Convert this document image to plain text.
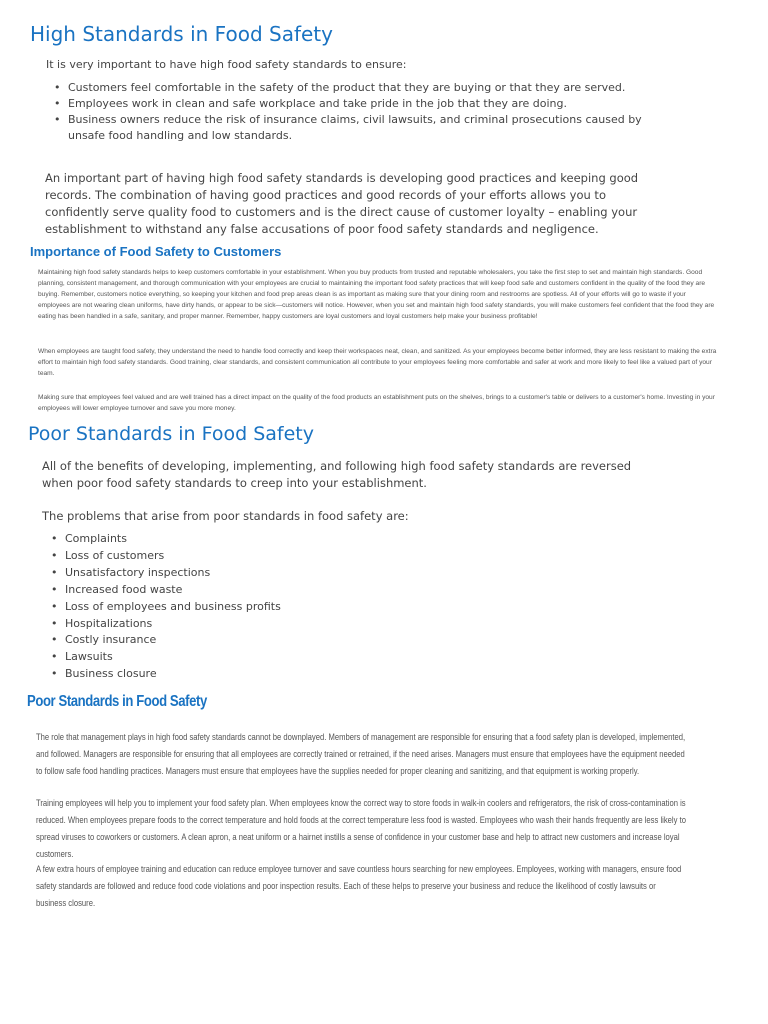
High Standards in Food Safety

It is very important to have high food safety standards to ensure:

• Customers feel comfortable in the safety of the product that they are buying or that they are served.
• Employees work in clean and safe workplace and take pride in the job that they are doing.
• Business owners reduce the risk of insurance claims, civil lawsuits, and criminal prosecutions caused by unsafe food handling and low standards.

An important part of having high food safety standards is developing good practices and keeping good records. The combination of having good practices and good records of your efforts allows you to confidently serve quality food to customers and is the direct cause of customer loyalty – enabling your establishment to withstand any false accusations of poor food safety standards and negligence.

Importance of Food Safety to Customers

Maintaining high food safety standards helps to keep customers comfortable in your establishment. When you buy products from trusted and reputable wholesalers, you take the first step to set and maintain high standards. Good planning, consistent management, and thorough communication with your employees are crucial to maintaining the important food safety practices that will keep food safe and customers confident in the quality of the food they are buying. Remember, customers notice everything, so keeping your kitchen and food prep areas clean is as important as making sure that your dining room and restrooms are spotless. All of your efforts will go to waste if your employees are not wearing clean uniforms, have dirty hands, or appear to be sick—customers will notice. However, when you set and maintain high food safety standards, you will make customers feel confident that the food they are eating has been handled in a safe, sanitary, and proper manner. Remember, happy customers are loyal customers and loyal customers help make your business profitable!

When employees are taught food safety, they understand the need to handle food correctly and keep their workspaces neat, clean, and sanitized. As your employees become better informed, they are less resistant to making the extra effort to maintain high food safety standards. Good training, clear standards, and consistent communication all contribute to your employees feeling more comfortable and safer at work and more likely to feel like a valued part of your team.

Making sure that employees feel valued and are well trained has a direct impact on the quality of the food products an establishment puts on the shelves, brings to a customer's table or delivers to a customer's home. Investing in your employees will lower employee turnover and save you more money.

Poor Standards in Food Safety

All of the benefits of developing, implementing, and following high food safety standards are reversed when poor food safety standards to creep into your establishment.

The problems that arise from poor standards in food safety are:

• Complaints
• Loss of customers
• Unsatisfactory inspections
• Increased food waste
• Loss of employees and business profits
• Hospitalizations
• Costly insurance
• Lawsuits
• Business closure
Poor Standards in Food Safety

The role that management plays in high food safety standards cannot be downplayed. Members of management are responsible for ensuring that a food safety plan is developed, implemented, and followed. Managers are responsible for ensuring that all employees are correctly trained or retrained, if the need arises. Managers must ensure that employees have the equipment needed to follow safe food handling practices. Managers must ensure that employees have the supplies needed for proper cleaning and sanitizing, and that equipment is working properly.

Training employees will help you to implement your food safety plan. When employees know the correct way to store foods in walk-in coolers and refrigerators, the risk of cross-contamination is reduced. When employees prepare foods to the correct temperature and hold foods at the correct temperature less food is wasted. Employees who wash their hands frequently are less likely to spread viruses to coworkers or customers. A clean apron, a neat uniform or a hairnet instills a sense of confidence in your customer base and help to attract new customers and increase loyal customers.

A few extra hours of employee training and education can reduce employee turnover and save countless hours searching for new employees. Employees, working with managers, ensure food safety standards are followed and reduce food code violations and poor inspection results. Each of these helps to preserve your business and reduce the likelihood of costly lawsuits or business closure.
